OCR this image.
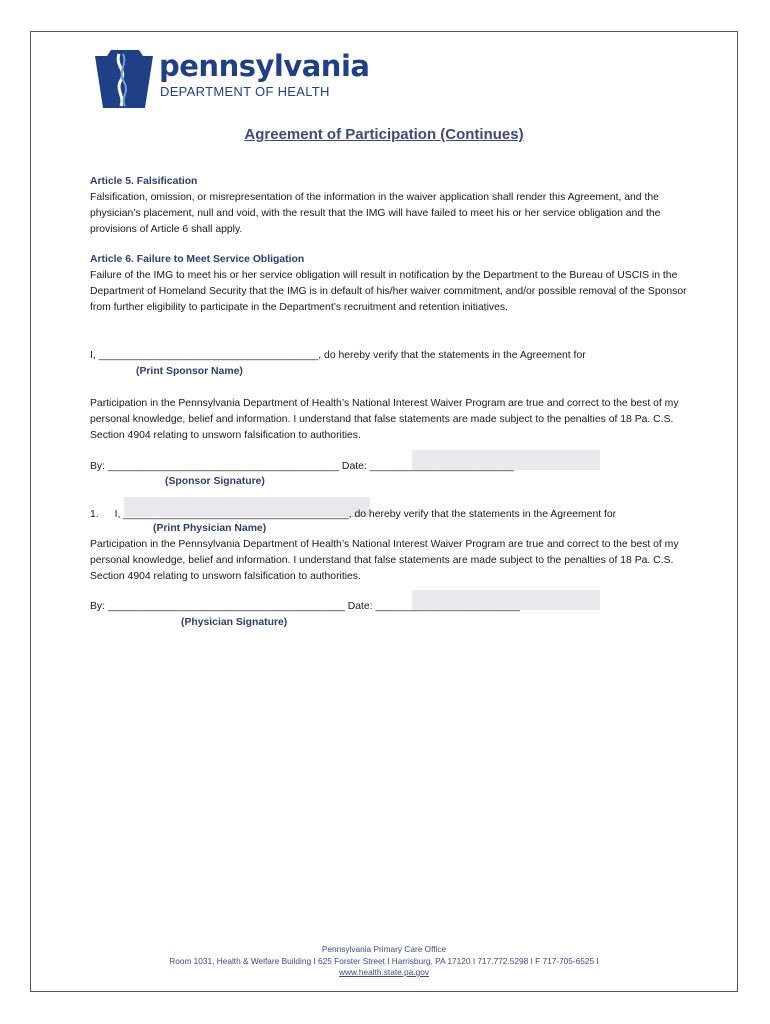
pennsylvania
DEPARTMENT OF HEALTH
Agreement of Participation (Continues)
Article 5. Falsification
Falsification, omission, or misrepresentation of the information in the waiver application shall render this Agreement, and the physician’s placement, null and void, with the result that the IMG will have failed to meet his or her service obligation and the provisions of Article 6 shall apply.
Article 6. Failure to Meet Service Obligation
Failure of the IMG to meet his or her service obligation will result in notification by the Department to the Bureau of USCIS in the Department of Homeland Security that the IMG is in default of his/her waiver commitment, and/or possible removal of the Sponsor from further eligibility to participate in the Department’s recruitment and retention initiatives.
I, ______________________________________, do hereby verify that the statements in the Agreement for
(Print Sponsor Name)
Participation in the Pennsylvania Department of Health’s National Interest Waiver Program are true and correct to the best of my personal knowledge, belief and information. I understand that false statements are made subject to the penalties of 18 Pa. C.S. Section 4904 relating to unsworn falsification to authorities.
By: ________________________________________ Date: _________________________
(Sponsor Signature)
1. I, _______________________________________, do hereby verify that the statements in the Agreement for
(Print Physician Name)
Participation in the Pennsylvania Department of Health’s National Interest Waiver Program are true and correct to the best of my personal knowledge, belief and information. I understand that false statements are made subject to the penalties of 18 Pa. C.S. Section 4904 relating to unsworn falsification to authorities.
By: _________________________________________ Date: _________________________
(Physician Signature)
Pennsylvania Primary Care Office
Room 1031, Health & Welfare Building I 625 Forster Street I Harrisburg, PA 17120 I 717.772.5298 I F 717-705-6525 I
www.health.state.pa.gov
